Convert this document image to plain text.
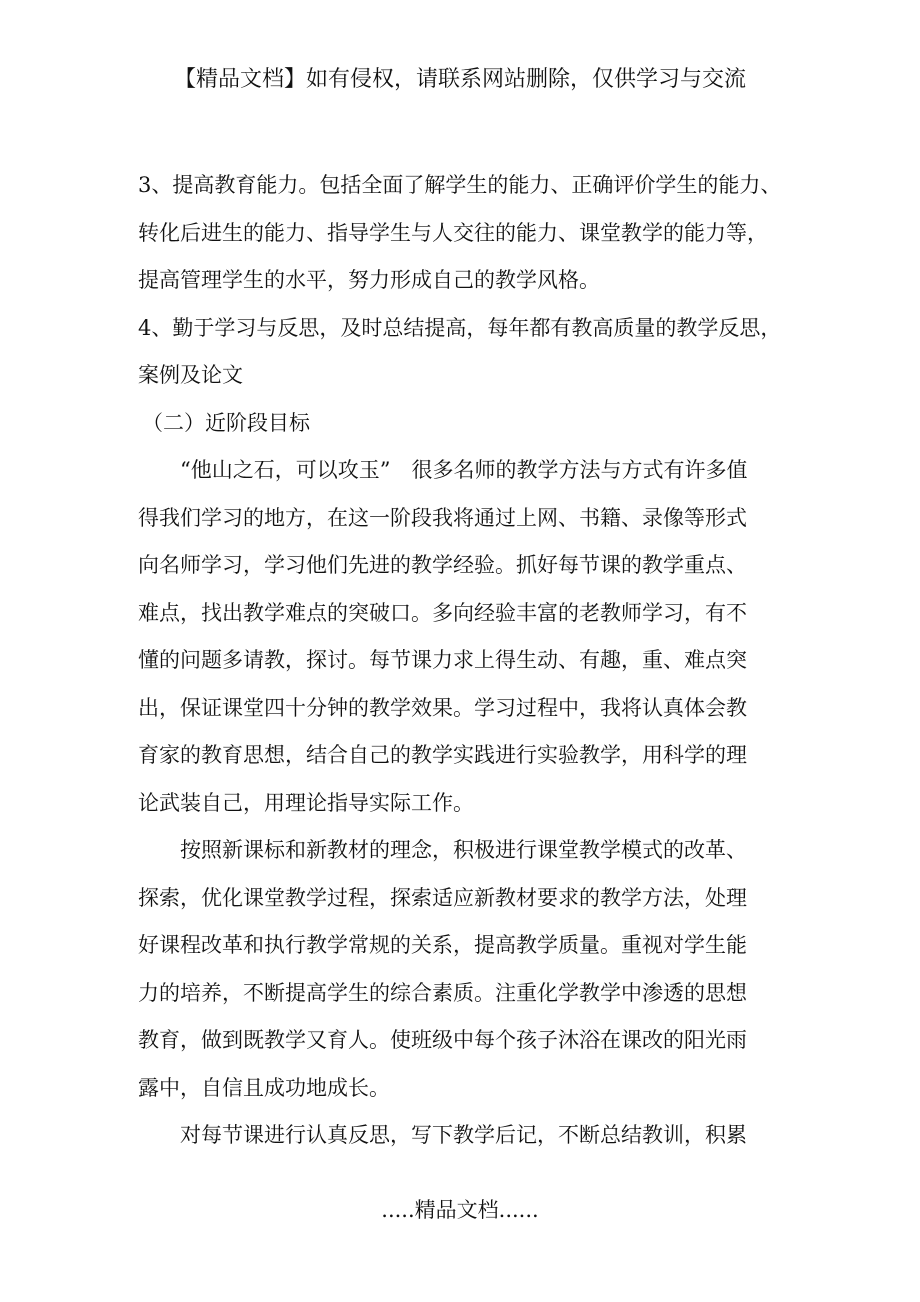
【精品文档】如有侵权，请联系网站删除，仅供学习与交流
3、提高教育能力。包括全面了解学生的能力、正确评价学生的能力、
转化后进生的能力、指导学生与人交往的能力、课堂教学的能力等，
提高管理学生的水平，努力形成自己的教学风格。
4、勤于学习与反思，及时总结提高，每年都有教高质量的教学反思，
案例及论文
（二）近阶段目标
“他山之石，可以攻玉”　很多名师的教学方法与方式有许多值
得我们学习的地方，在这一阶段我将通过上网、书籍、录像等形式
向名师学习，学习他们先进的教学经验。抓好每节课的教学重点、
难点，找出教学难点的突破口。多向经验丰富的老教师学习，有不
懂的问题多请教，探讨。每节课力求上得生动、有趣，重、难点突
出，保证课堂四十分钟的教学效果。学习过程中，我将认真体会教
育家的教育思想，结合自己的教学实践进行实验教学，用科学的理
论武装自己，用理论指导实际工作。
按照新课标和新教材的理念，积极进行课堂教学模式的改革、
探索，优化课堂教学过程，探索适应新教材要求的教学方法，处理
好课程改革和执行教学常规的关系，提高教学质量。重视对学生能
力的培养，不断提高学生的综合素质。注重化学教学中渗透的思想
教育，做到既教学又育人。使班级中每个孩子沐浴在课改的阳光雨
露中，自信且成功地成长。
对每节课进行认真反思，写下教学后记，不断总结教训，积累
.....精品文档......
